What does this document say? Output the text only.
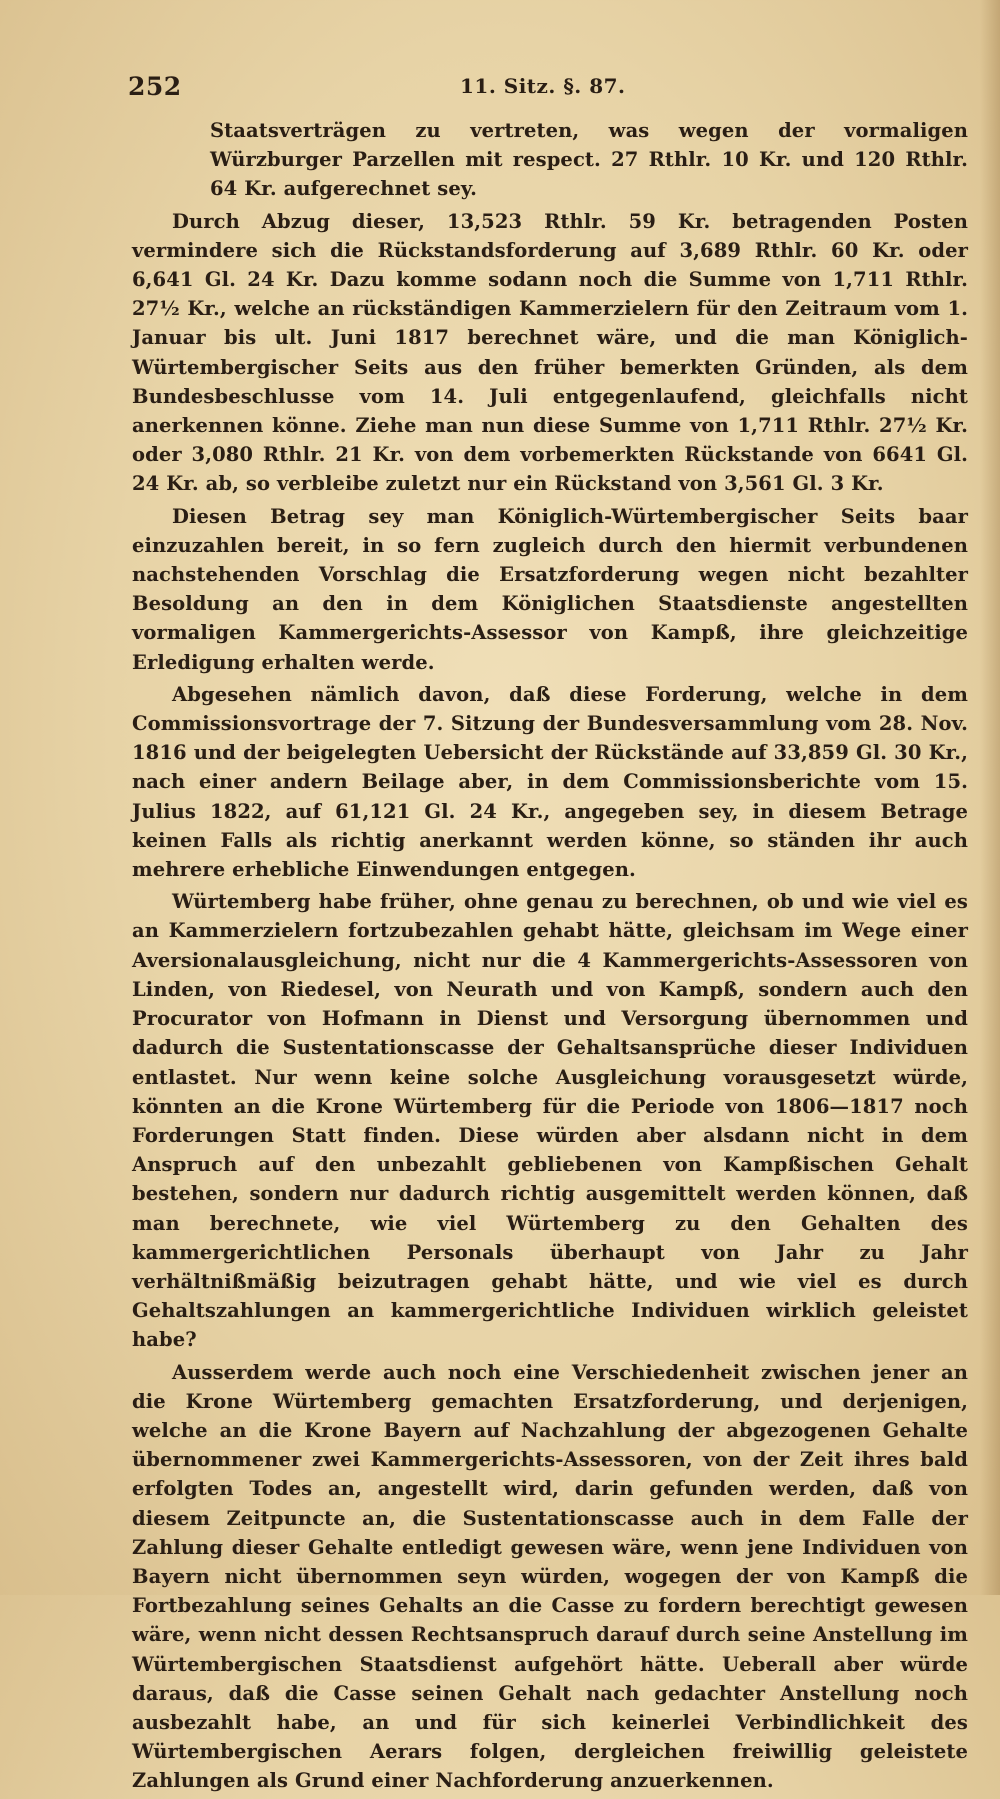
252	11. Sitz. §. 87.

Staatsverträgen zu vertreten, was wegen der vormaligen Würzburger Parzellen mit respect. 27 Rthlr. 10 Kr. und 120 Rthlr. 64 Kr. aufgerechnet sey.

Durch Abzug dieser, 13,523 Rthlr. 59 Kr. betragenden Posten vermindere sich die Rückstandsforderung auf 3,689 Rthlr. 60 Kr. oder 6,641 Gl. 24 Kr. Dazu komme sodann noch die Summe von 1,711 Rthlr. 27½ Kr., welche an rückständigen Kammerzielern für den Zeitraum vom 1. Januar bis ult. Juni 1817 berechnet wäre, und die man Königlich-Würtembergischer Seits aus den früher bemerkten Gründen, als dem Bundesbeschlusse vom 14. Juli entgegenlaufend, gleichfalls nicht anerkennen könne. Ziehe man nun diese Summe von 1,711 Rthlr. 27½ Kr. oder 3,080 Rthlr. 21 Kr. von dem vorbemerkten Rückstande von 6641 Gl. 24 Kr. ab, so verbleibe zuletzt nur ein Rückstand von 3,561 Gl. 3 Kr.

Diesen Betrag sey man Königlich-Würtembergischer Seits baar einzuzahlen bereit, in so fern zugleich durch den hiermit verbundenen nachstehenden Vorschlag die Ersatzforderung wegen nicht bezahlter Besoldung an den in dem Königlichen Staatsdienste angestellten vormaligen Kammergerichts-Assessor von Kampß, ihre gleichzeitige Erledigung erhalten werde.

Abgesehen nämlich davon, daß diese Forderung, welche in dem Commissionsvortrage der 7. Sitzung der Bundesversammlung vom 28. Nov. 1816 und der beigelegten Uebersicht der Rückstände auf 33,859 Gl. 30 Kr., nach einer andern Beilage aber, in dem Commissionsberichte vom 15. Julius 1822, auf 61,121 Gl. 24 Kr., angegeben sey, in diesem Betrage keinen Falls als richtig anerkannt werden könne, so ständen ihr auch mehrere erhebliche Einwendungen entgegen.

Würtemberg habe früher, ohne genau zu berechnen, ob und wie viel es an Kammerzielern fortzubezahlen gehabt hätte, gleichsam im Wege einer Aversionalausgleichung, nicht nur die 4 Kammergerichts-Assessoren von Linden, von Riedesel, von Neurath und von Kampß, sondern auch den Procurator von Hofmann in Dienst und Versorgung übernommen und dadurch die Sustentationscasse der Gehaltsansprüche dieser Individuen entlastet. Nur wenn keine solche Ausgleichung vorausgesetzt würde, könnten an die Krone Würtemberg für die Periode von 1806—1817 noch Forderungen Statt finden. Diese würden aber alsdann nicht in dem Anspruch auf den unbezahlt gebliebenen von Kampßischen Gehalt bestehen, sondern nur dadurch richtig ausgemittelt werden können, daß man berechnete, wie viel Würtemberg zu den Gehalten des kammergerichtlichen Personals überhaupt von Jahr zu Jahr verhältnißmäßig beizutragen gehabt hätte, und wie viel es durch Gehaltszahlungen an kammergerichtliche Individuen wirklich geleistet habe?

Ausserdem werde auch noch eine Verschiedenheit zwischen jener an die Krone Würtemberg gemachten Ersatzforderung, und derjenigen, welche an die Krone Bayern auf Nachzahlung der abgezogenen Gehalte übernommener zwei Kammergerichts-Assessoren, von der Zeit ihres bald erfolgten Todes an, angestellt wird, darin gefunden werden, daß von diesem Zeitpuncte an, die Sustentationscasse auch in dem Falle der Zahlung dieser Gehalte entledigt gewesen wäre, wenn jene Individuen von Bayern nicht übernommen seyn würden, wogegen der von Kampß die Fortbezahlung seines Gehalts an die Casse zu fordern berechtigt gewesen wäre, wenn nicht dessen Rechtsanspruch darauf durch seine Anstellung im Würtembergischen Staatsdienst aufgehört hätte. Ueberall aber würde daraus, daß die Casse seinen Gehalt nach gedachter Anstellung noch ausbezahlt habe, an und für sich keinerlei Verbindlichkeit des Würtembergischen Aerars folgen, dergleichen freiwillig geleistete Zahlungen als Grund einer Nachforderung anzuerkennen.
